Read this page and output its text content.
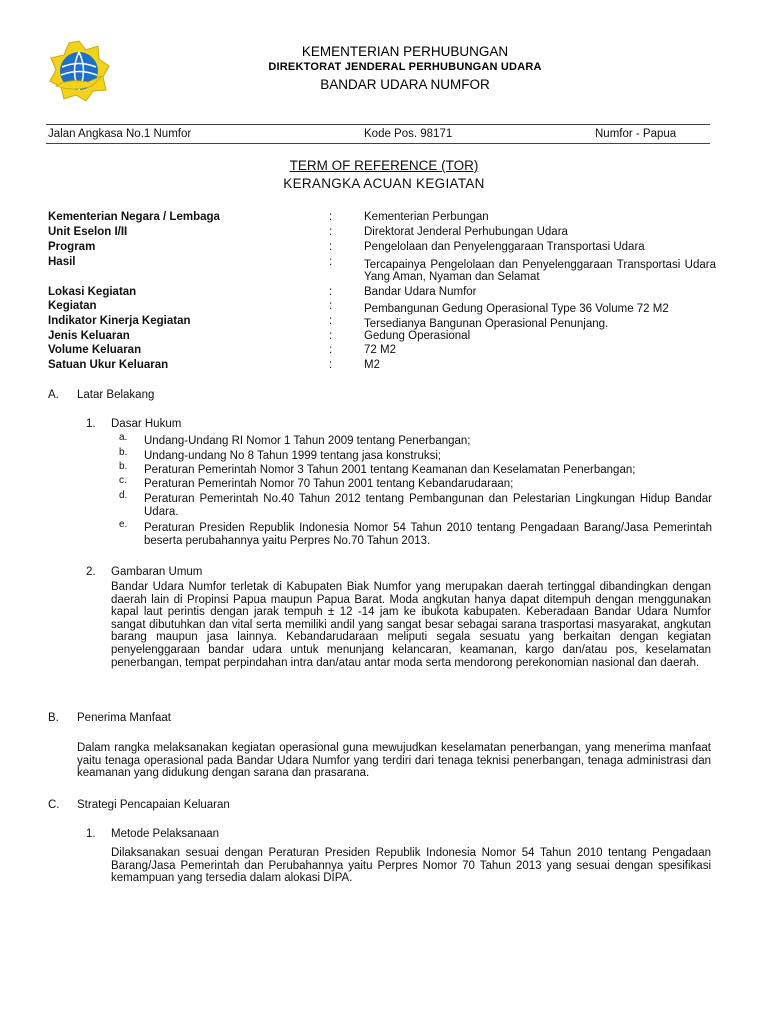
KEMENTERIAN PERHUBUNGAN
DIREKTORAT JENDERAL PERHUBUNGAN UDARA
BANDAR UDARA NUMFOR
Jalan Angkasa No.1 Numfor	Kode Pos. 98171	Numfor - Papua
TERM OF REFERENCE (TOR)
KERANGKA ACUAN KEGIATAN
Kementerian Negara / Lembaga	:	Kementerian Perbungan
Unit Eselon I/II	:	Direktorat Jenderal Perhubungan Udara
Program	:	Pengelolaan dan Penyelenggaraan Transportasi Udara
Hasil	:	Tercapainya Pengelolaan dan Penyelenggaraan Transportasi Udara Yang Aman, Nyaman dan Selamat
Lokasi Kegiatan	:	Bandar Udara Numfor
Kegiatan	:	Pembangunan Gedung Operasional Type 36 Volume 72 M2
Indikator Kinerja Kegiatan	:	Tersedianya Bangunan Operasional Penunjang.
Jenis Keluaran	:	Gedung Operasional
Volume Keluaran	:	72 M2
Satuan Ukur Keluaran	:	M2
A. Latar Belakang
1. Dasar Hukum
a. Undang-Undang RI Nomor 1 Tahun 2009 tentang Penerbangan;
b. Undang-undang No 8 Tahun 1999 tentang jasa konstruksi;
b. Peraturan Pemerintah Nomor 3 Tahun 2001 tentang Keamanan dan Keselamatan Penerbangan;
c. Peraturan Pemerintah Nomor 70 Tahun 2001 tentang Kebandarudaraan;
d. Peraturan Pemerintah No.40 Tahun 2012 tentang Pembangunan dan Pelestarian Lingkungan Hidup Bandar Udara.
e. Peraturan Presiden Republik Indonesia Nomor 54 Tahun 2010 tentang Pengadaan Barang/Jasa Pemerintah beserta perubahannya yaitu Perpres No.70 Tahun 2013.
2. Gambaran Umum
Bandar Udara Numfor terletak di Kabupaten Biak Numfor yang merupakan daerah tertinggal dibandingkan dengan daerah lain di Propinsi Papua maupun Papua Barat. Moda angkutan hanya dapat ditempuh dengan menggunakan kapal laut perintis dengan jarak tempuh ± 12 -14 jam ke ibukota kabupaten. Keberadaan Bandar Udara Numfor sangat dibutuhkan dan vital serta memiliki andil yang sangat besar sebagai sarana trasportasi masyarakat, angkutan barang maupun jasa lainnya. Kebandarudaraan meliputi segala sesuatu yang berkaitan dengan kegiatan penyelenggaraan bandar udara untuk menunjang kelancaran, keamanan, kargo dan/atau pos, keselamatan penerbangan, tempat perpindahan intra dan/atau antar moda serta mendorong perekonomian nasional dan daerah.
B. Penerima Manfaat
Dalam rangka melaksanakan kegiatan operasional guna mewujudkan keselamatan penerbangan, yang menerima manfaat yaitu tenaga operasional pada Bandar Udara Numfor yang terdiri dari tenaga teknisi penerbangan, tenaga administrasi dan keamanan yang didukung dengan sarana dan prasarana.
C. Strategi Pencapaian Keluaran
1. Metode Pelaksanaan
Dilaksanakan sesuai dengan Peraturan Presiden Republik Indonesia Nomor 54 Tahun 2010 tentang Pengadaan Barang/Jasa Pemerintah dan Perubahannya yaitu Perpres Nomor 70 Tahun 2013 yang sesuai dengan spesifikasi kemampuan yang tersedia dalam alokasi DIPA.
